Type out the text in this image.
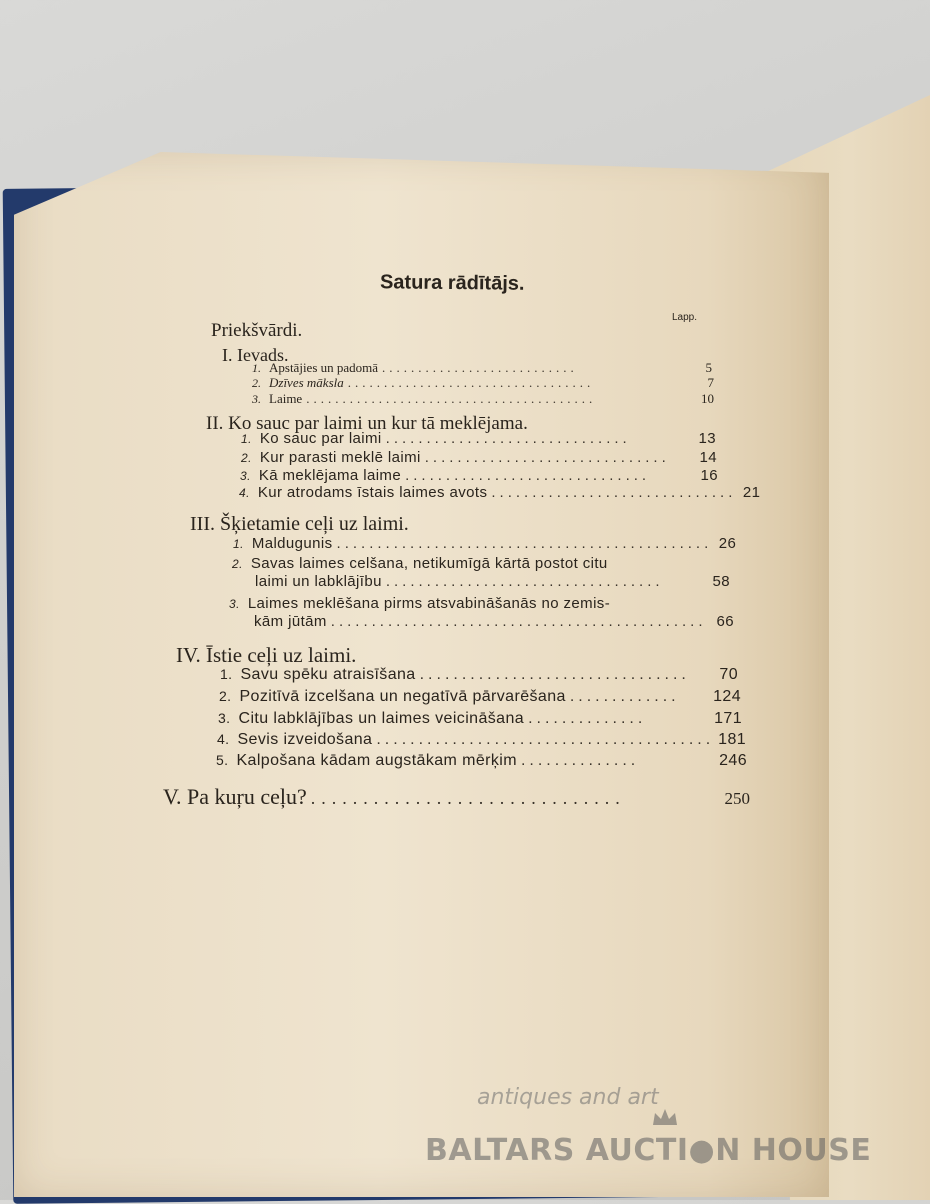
Satura rādītājs.
Lapp.
Priekšvārdi.
I. Ievads.
1. Apstājies un padomā ...........................	5
2. Dzīves māksla ..................................	7
3. Laime ........................................	10
II. Ko sauc par laimi un kur tā meklējama.
1. Ko sauc par laimi ..............................	13
2. Kur parasti meklē laimi ..............................	14
3. Kā meklējama laime ..............................	16
4. Kur atrodams īstais laimes avots .............................. 21
III. Šķietamie ceļi uz laimi.
1. Maldugunis .............................................. 26
2. Savas laimes celšana, netikumīgā kārtā postot citu
laimi un labklājību ..................................	58
3. Laimes meklēšana pirms atsvabināšanās no zemis-
kām jūtām .............................................. 66
IV. Īstie ceļi uz laimi.
1. Savu spēku atraisīšana ................................	70
2. Pozitīvā izcelšana un negatīvā pārvarēšana .............	124
3. Citu labklājības un laimes veicināšana ..............	171
4. Sevis izveidošana ........................................ 181
5. Kalpošana kādam augstākam mērķim ..............	246
V. Pa kuŗu ceļu? ..............................	250
antiques and art
BALTARS AUCTI●N HOUSE
